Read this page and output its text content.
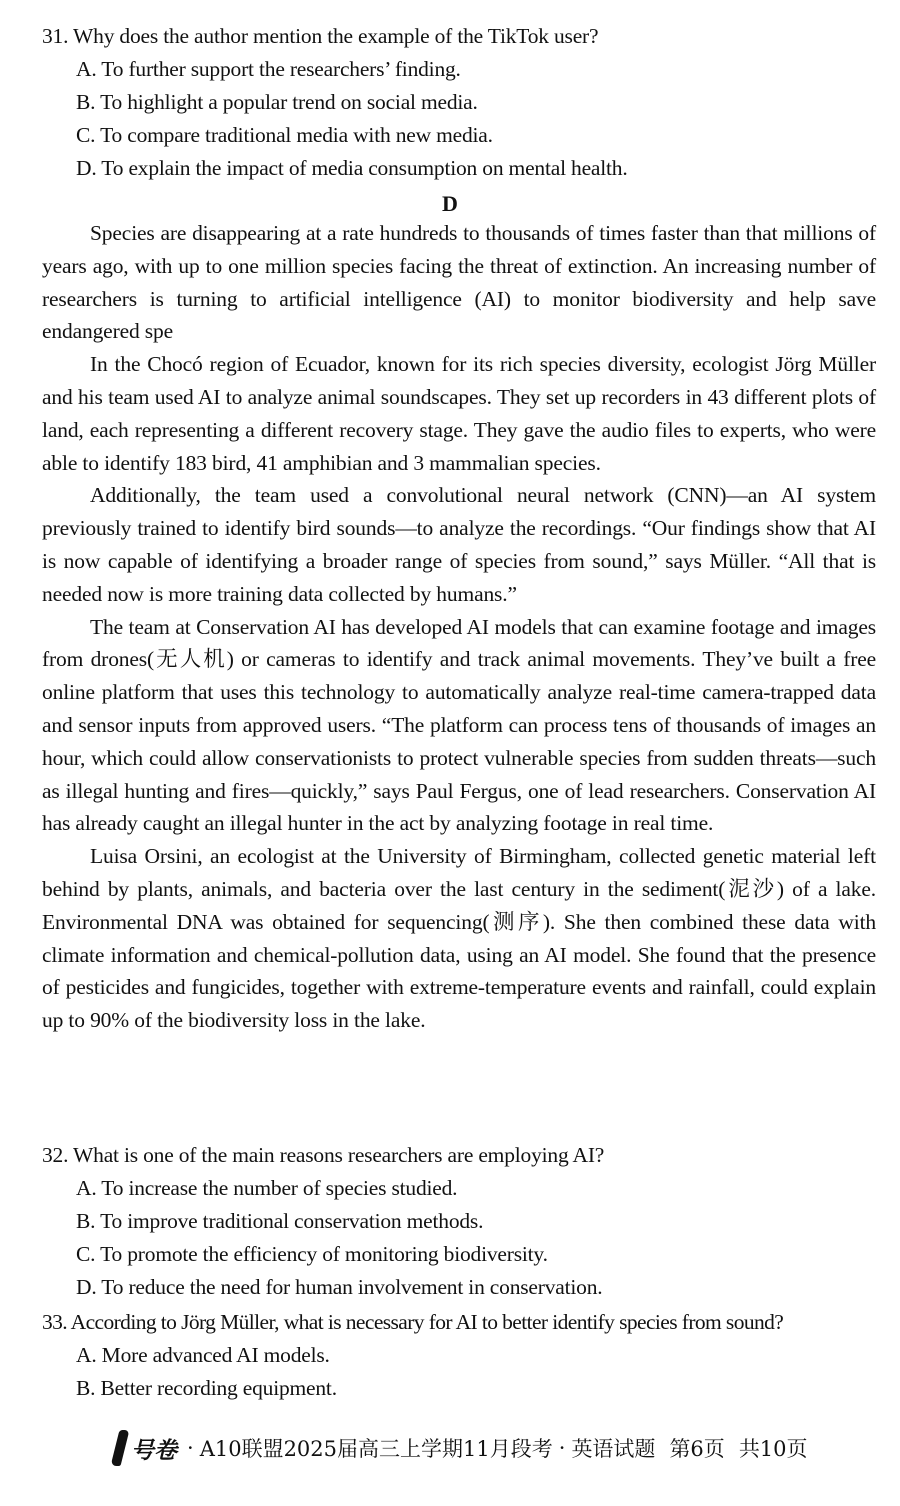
31. Why does the author mention the example of the TikTok user?
A. To further support the researchers’ finding.
B. To highlight a popular trend on social media.
C. To compare traditional media with new media.
D. To explain the impact of media consumption on mental health.
D

Species are disappearing at a rate hundreds to thousands of times faster than that millions of years ago, with up to one million species facing the threat of extinction. An increasing number of researchers is turning to artificial intelligence (AI) to monitor biodiversity and help save endangered spe

In the Chocó region of Ecuador, known for its rich species diversity, ecologist Jörg Müller and his team used AI to analyze animal soundscapes. They set up recorders in 43 different plots of land, each representing a different recovery stage. They gave the audio files to experts, who were able to identify 183 bird, 41 amphibian and 3 mammalian species.

Additionally, the team used a convolutional neural network (CNN)—an AI system previously trained to identify bird sounds—to analyze the recordings. “Our findings show that AI is now capable of identifying a broader range of species from sound,” says Müller. “All that is needed now is more training data collected by humans.”

The team at Conservation AI has developed AI models that can examine footage and images from drones(无人机) or cameras to identify and track animal movements. They’ve built a free online platform that uses this technology to automatically analyze real-time camera-trapped data and sensor inputs from approved users. “The platform can process tens of thousands of images an hour, which could allow conservationists to protect vulnerable species from sudden threats—such as illegal hunting and fires—quickly,” says Paul Fergus, one of lead researchers. Conservation AI has already caught an illegal hunter in the act by analyzing footage in real time.

Luisa Orsini, an ecologist at the University of Birmingham, collected genetic material left behind by plants, animals, and bacteria over the last century in the sediment(泥沙) of a lake. Environmental DNA was obtained for sequencing(测序). She then combined these data with climate information and chemical-pollution data, using an AI model. She found that the presence of pesticides and fungicides, together with extreme-temperature events and rainfall, could explain up to 90% of the biodiversity loss in the lake.

32. What is one of the main reasons researchers are employing AI?
A. To increase the number of species studied.
B. To improve traditional conservation methods.
C. To promote the efficiency of monitoring biodiversity.
D. To reduce the need for human involvement in conservation.
33. According to Jörg Müller, what is necessary for AI to better identify species from sound?
A. More advanced AI models.
B. Better recording equipment.
号卷 · A10联盟2025届高三上学期11月段考 · 英语试题 第6页 共10页
